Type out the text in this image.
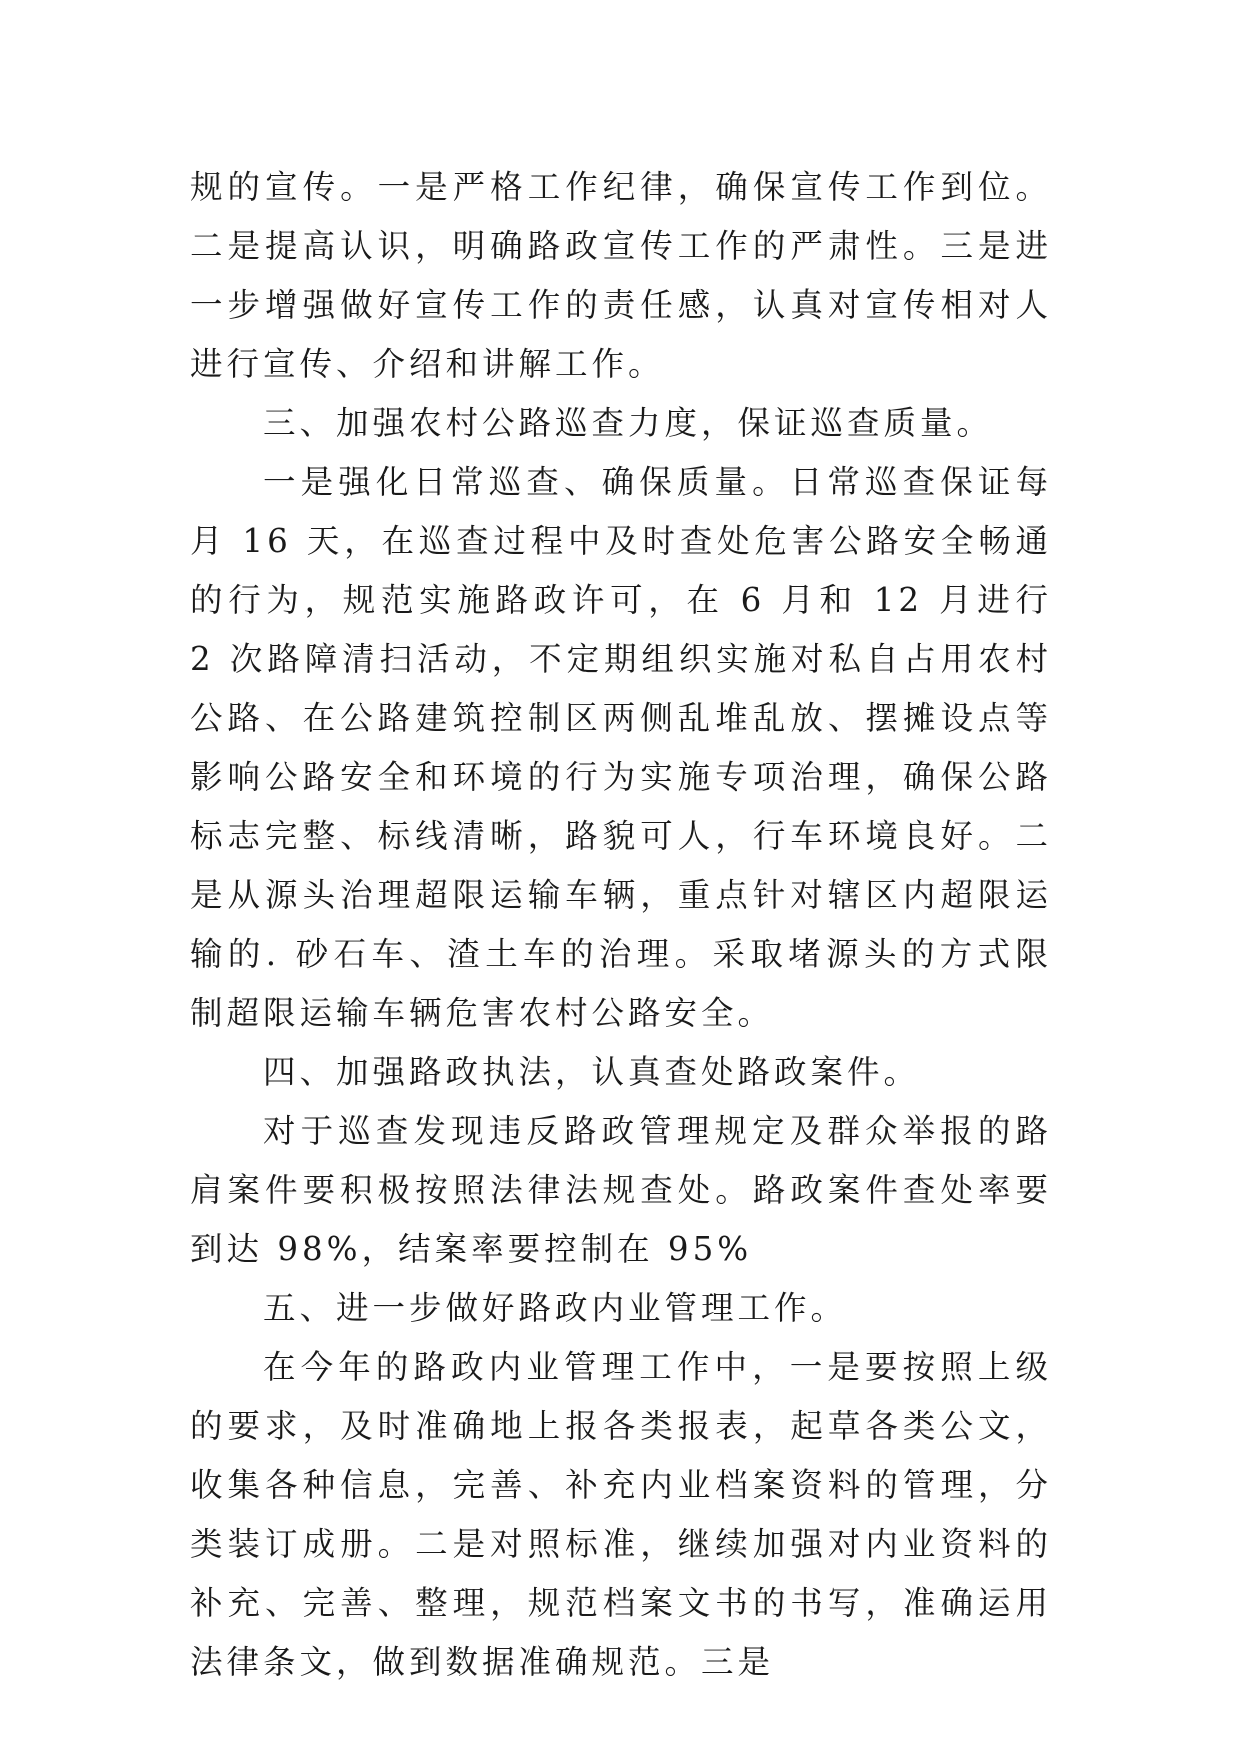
规的宣传。一是严格工作纪律，确保宣传工作到位。二是提高认识，明确路政宣传工作的严肃性。三是进一步增强做好宣传工作的责任感，认真对宣传相对人进行宣传、介绍和讲解工作。

三、加强农村公路巡查力度，保证巡查质量。

一是强化日常巡查、确保质量。日常巡查保证每月 16 天，在巡查过程中及时查处危害公路安全畅通的行为，规范实施路政许可，在 6 月和 12 月进行 2 次路障清扫活动，不定期组织实施对私自占用农村公路、在公路建筑控制区两侧乱堆乱放、摆摊设点等影响公路安全和环境的行为实施专项治理，确保公路标志完整、标线清晰，路貌可人，行车环境良好。二是从源头治理超限运输车辆，重点针对辖区内超限运输的. 砂石车、渣土车的治理。采取堵源头的方式限制超限运输车辆危害农村公路安全。

四、加强路政执法，认真查处路政案件。

对于巡查发现违反路政管理规定及群众举报的路肩案件要积极按照法律法规查处。路政案件查处率要到达 98%，结案率要控制在 95%

五、进一步做好路政内业管理工作。

在今年的路政内业管理工作中，一是要按照上级的要求，及时准确地上报各类报表，起草各类公文，收集各种信息，完善、补充内业档案资料的管理，分类装订成册。二是对照标准，继续加强对内业资料的补充、完善、整理，规范档案文书的书写，准确运用法律条文，做到数据准确规范。三是
